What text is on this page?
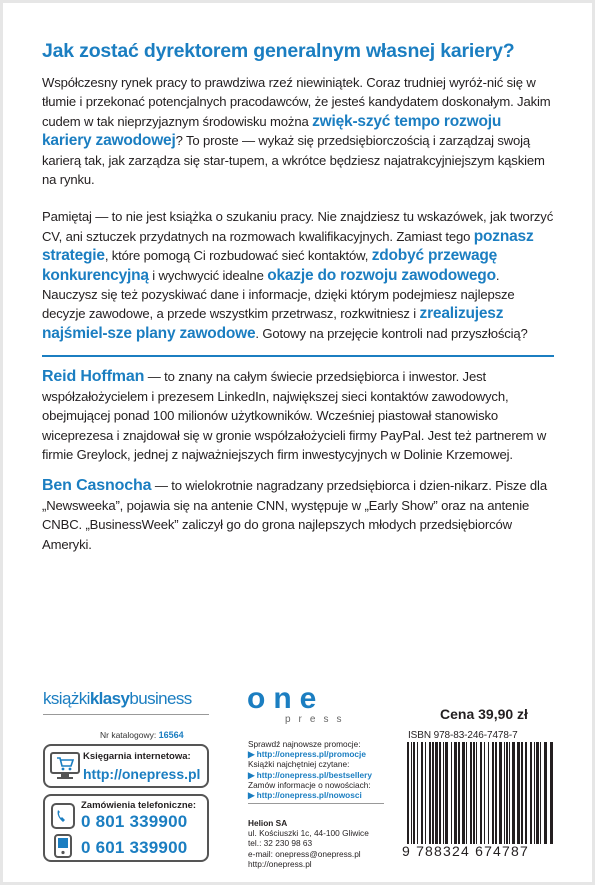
Jak zostać dyrektorem generalnym własnej kariery?

Współczesny rynek pracy to prawdziwa rzeź niewiniątek. Coraz trudniej wyróż-nić się w tłumie i przekonać potencjalnych pracodawców, że jesteś kandydatem doskonałym. Jakim cudem w tak nieprzyjaznym środowisku można zwięk-szyć tempo rozwoju kariery zawodowej? To proste — wykaż się przedsiębiorczością i zarządzaj swoją karierą tak, jak zarządza się star-tupem, a wkrótce będziesz najatrakcyjniejszym kąskiem na rynku.

Pamiętaj — to nie jest książka o szukaniu pracy. Nie znajdziesz tu wskazówek, jak tworzyć CV, ani sztuczek przydatnych na rozmowach kwalifikacyjnych. Zamiast tego poznasz strategie, które pomogą Ci rozbudować sieć kontaktów, zdobyć przewagę konkurencyjną i wychwycić idealne okazje do rozwoju zawodowego. Nauczysz się też pozyskiwać dane i informacje, dzięki którym podejmiesz najlepsze decyzje zawodowe, a przede wszystkim przetrwasz, rozkwitniesz i zrealizujesz najśmiel-sze plany zawodowe. Gotowy na przejęcie kontroli nad przyszłością?

Reid Hoffman — to znany na całym świecie przedsiębiorca i inwestor. Jest współzałożycielem i prezesem LinkedIn, największej sieci kontaktów zawodowych, obejmującej ponad 100 milionów użytkowników. Wcześniej piastował stanowisko wiceprezesa i znajdował się w gronie współzałożycieli firmy PayPal. Jest też partnerem w firmie Greylock, jednej z najważniejszych firm inwestycyjnych w Dolinie Krzemowej.

Ben Casnocha — to wielokrotnie nagradzany przedsiębiorca i dzien-nikarz. Pisze dla „Newsweeka”, pojawia się na antenie CNN, występuje w „Early Show” oraz na antenie CNBC. „BusinessWeek” zaliczył go do grona najlepszych młodych przedsiębiorców Ameryki.

książkiklasybusiness
Nr katalogowy: 16564
Księgarnia internetowa:
http://onepress.pl
Zamówienia telefoniczne:
0 801 339900
0 601 339900
one
press
Sprawdź najnowsze promocje:
▶ http://onepress.pl/promocje
Książki najchętniej czytane:
▶ http://onepress.pl/bestsellery
Zamów informacje o nowościach:
▶ http://onepress.pl/nowosci
Helion SA
ul. Kościuszki 1c, 44-100 Gliwice
tel.: 32 230 98 63
e-mail: onepress@onepress.pl
http://onepress.pl
Cena 39,90 zł
ISBN 978-83-246-7478-7
9 788324 674787
